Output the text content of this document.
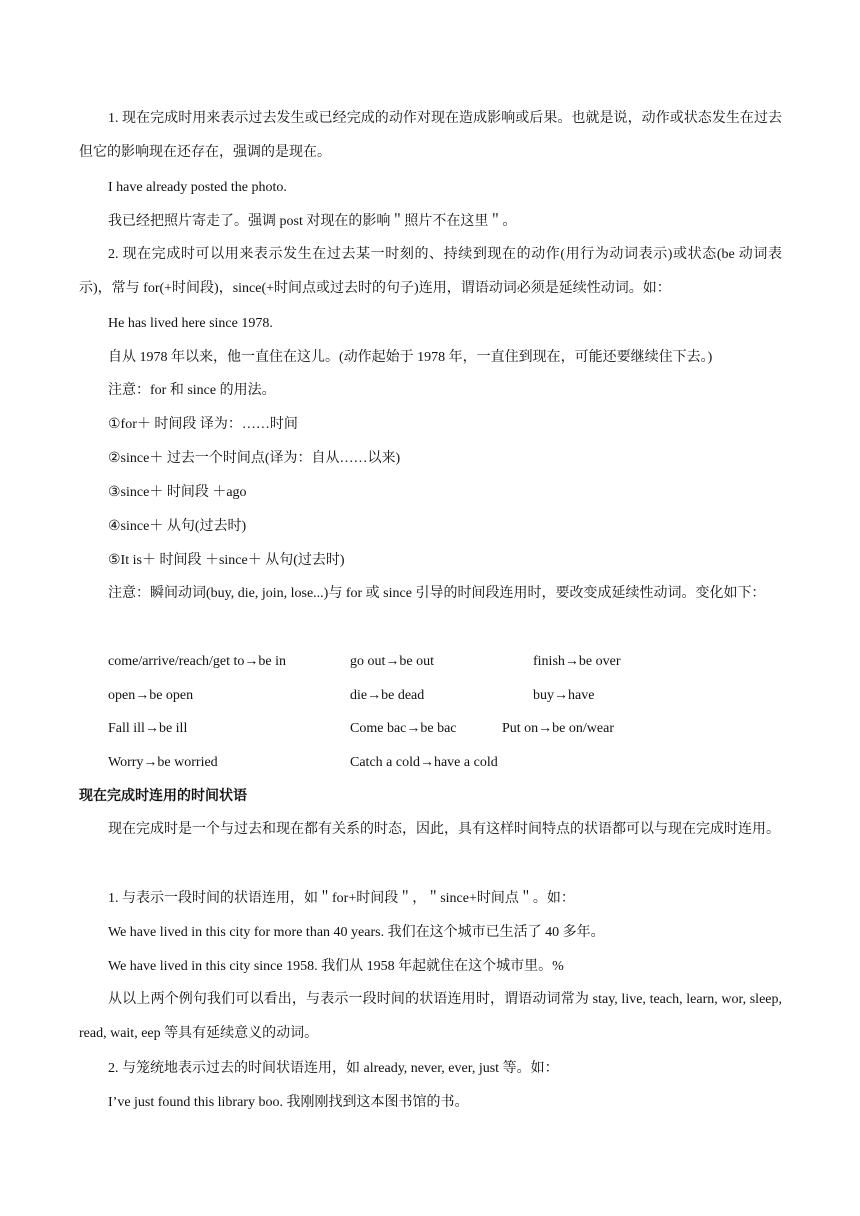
1. 现在完成时用来表示过去发生或已经完成的动作对现在造成影响或后果。也就是说，动作或状态发生在过去但它的影响现在还存在，强调的是现在。
I have already posted the photo.
我已经把照片寄走了。强调 post 对现在的影响＂照片不在这里＂。
2. 现在完成时可以用来表示发生在过去某一时刻的、持续到现在的动作(用行为动词表示)或状态(be 动词表示)，常与 for(+时间段)，since(+时间点或过去时的句子)连用，谓语动词必须是延续性动词。如：
He has lived here since 1978.
自从 1978 年以来，他一直住在这儿。(动作起始于 1978 年，一直住到现在，可能还要继续住下去。)
注意：for 和 since 的用法。
①for＋ 时间段 译为：……时间
②since＋ 过去一个时间点(译为：自从……以来)
③since＋ 时间段 ＋ago
④since＋ 从句(过去时)
⑤It is＋ 时间段 ＋since＋ 从句(过去时)
注意：瞬间动词(buy, die, join, lose...)与 for 或 since 引导的时间段连用时，要改变成延续性动词。变化如下：
come/arrive/reach/get to→be in	go out→be out	finish→be over
open→be open	die→be dead	buy→have
Fall ill→be ill	Come bac→be bac	Put on→be on/wear
Worry→be worried	Catch a cold→have a cold
现在完成时连用的时间状语
现在完成时是一个与过去和现在都有关系的时态，因此，具有这样时间特点的状语都可以与现在完成时连用。
1. 与表示一段时间的状语连用，如＂for+时间段＂，＂since+时间点＂。如：
We have lived in this city for more than 40 years. 我们在这个城市已生活了 40 多年。
We have lived in this city since 1958. 我们从 1958 年起就住在这个城市里。%
从以上两个例句我们可以看出，与表示一段时间的状语连用时，谓语动词常为 stay, live, teach, learn, wor, sleep, read, wait, eep 等具有延续意义的动词。
2. 与笼统地表示过去的时间状语连用，如 already, never, ever, just 等。如：
I’ve just found this library boo. 我刚刚找到这本图书馆的书。
